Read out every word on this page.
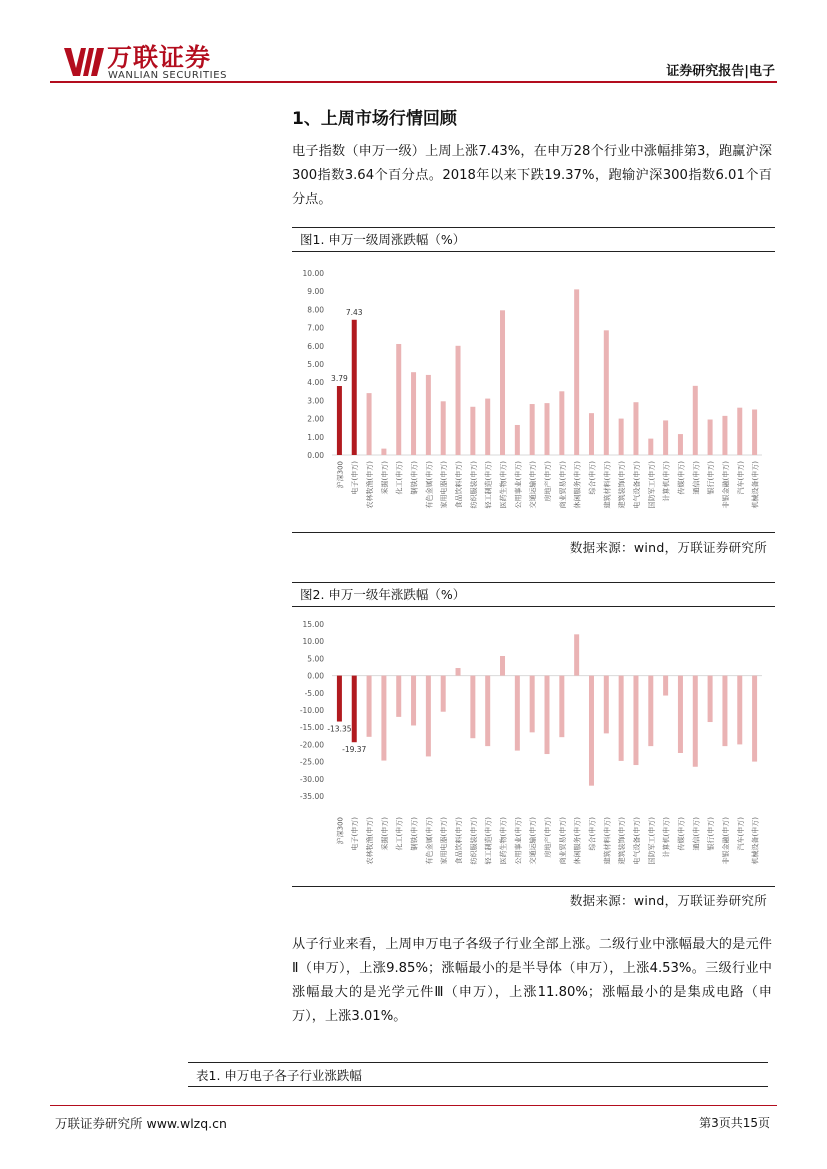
万联证券
WANLIAN SECURITIES	证券研究报告|电子
1、上周市场行情回顾
电子指数（申万一级）上周上涨7.43%，在申万28个行业中涨幅排第3，跑赢沪深300指数3.64个百分点。2018年以来下跌19.37%，跑输沪深300指数6.01个百分点。
图1. 申万一级周涨跌幅（%）
0.00
1.00
2.00
3.00
4.00
5.00
6.00
7.00
8.00
9.00
10.00
3.79
沪深300
7.43
电子(申万) 农林牧渔(申万) 采掘(申万) 化工(申万) 钢铁(申万) 有色金属(申万) 家用电器(申万) 食品饮料(申万) 纺织服装(申万) 轻工制造(申万) 医药生物(申万) 公用事业(申万) 交通运输(申万) 房地产(申万) 商业贸易(申万) 休闲服务(申万) 综合(申万) 建筑材料(申万) 建筑装饰(申万) 电气设备(申万) 国防军工(申万) 计算机(申万) 传媒(申万) 通信(申万) 银行(申万) 非银金融(申万) 汽车(申万) 机械设备(申万)
数据来源：wind，万联证券研究所
图2. 申万一级年涨跌幅（%）
-35.00
-30.00
-25.00
-20.00
-15.00
-10.00
-5.00
0.00
5.00
10.00
15.00
-13.35
沪深300
-19.37
电子(申万) 农林牧渔(申万) 采掘(申万) 化工(申万) 钢铁(申万) 有色金属(申万) 家用电器(申万) 食品饮料(申万) 纺织服装(申万) 轻工制造(申万) 医药生物(申万) 公用事业(申万) 交通运输(申万) 房地产(申万) 商业贸易(申万) 休闲服务(申万) 综合(申万) 建筑材料(申万) 建筑装饰(申万) 电气设备(申万) 国防军工(申万) 计算机(申万) 传媒(申万) 通信(申万) 银行(申万) 非银金融(申万) 汽车(申万) 机械设备(申万)
数据来源：wind，万联证券研究所
从子行业来看，上周申万电子各级子行业全部上涨。二级行业中涨幅最大的是元件Ⅱ（申万），上涨9.85%；涨幅最小的是半导体（申万），上涨4.53%。三级行业中涨幅最大的是光学元件Ⅲ（申万），上涨11.80%；涨幅最小的是集成电路（申万），上涨3.01%。
表1. 申万电子各子行业涨跌幅
万联证券研究所 www.wlzq.cn	第3页共15页
